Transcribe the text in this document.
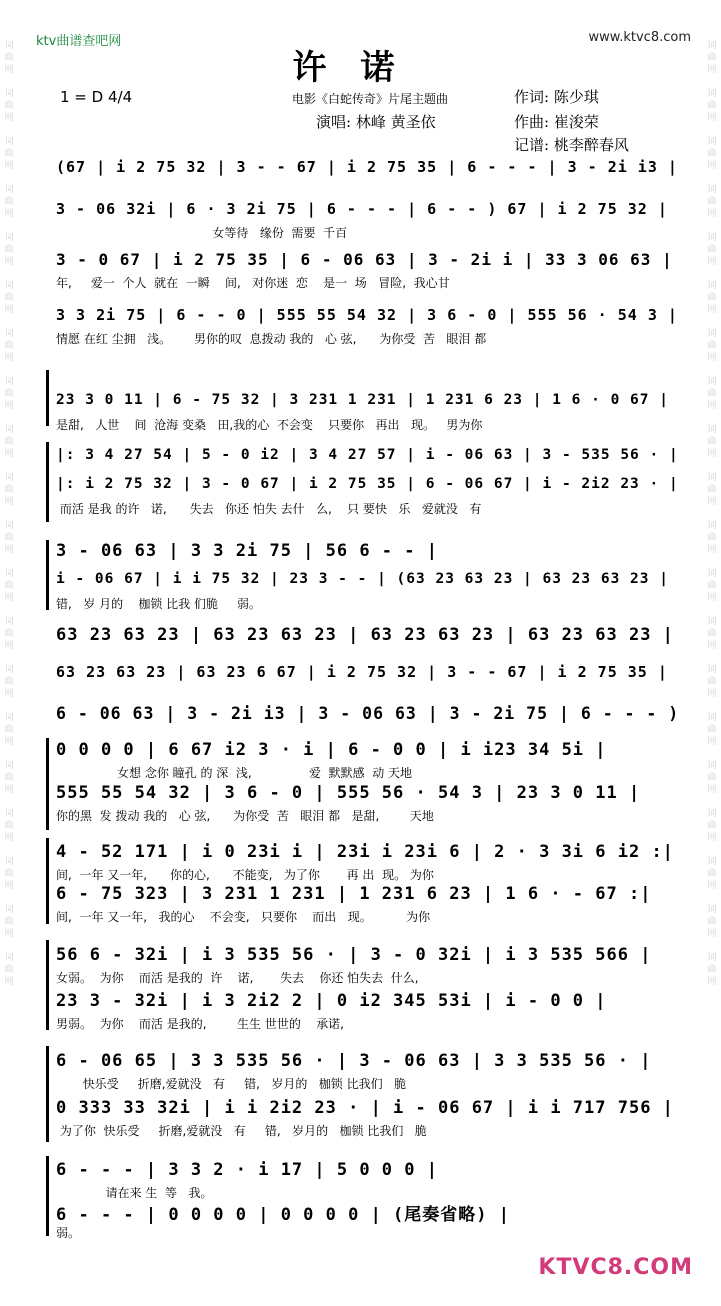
词曲网

词曲网

词曲网

词曲网

词曲网

词曲网

词曲网

词曲网

词曲网

词曲网

词曲网

词曲网

词曲网

词曲网

词曲网

词曲网

词曲网

词曲网

词曲网

词曲网
词曲网

词曲网

词曲网

词曲网

词曲网

词曲网

词曲网

词曲网

词曲网

词曲网

词曲网

词曲网

词曲网

词曲网

词曲网

词曲网

词曲网

词曲网

词曲网

词曲网
ktv曲谱查吧网	www.ktvc8.com
许诺
1 = D 4/4	电影《白蛇传奇》片尾主题曲	作词: 陈少琪
演唱: 林峰 黄圣依	作曲: 崔浚荣
记谱: 桃李醉春风
(67 | i 2 75 32 | 3 - - 67 | i 2 75 35 | 6 - - - | 3 - 2i i3 |
3 - 06 32i | 6 · 3 2i 75 | 6 - - - | 6 - - ) 67 | i 2 75 32 |
女等待   缘份  需要  千百
3 - 0 67 | i 2 75 35 | 6 - 06 63 | 3 - 2i i | 33 3 06 63 |
年,     爱一  个人  就在  一瞬    间,   对你迷  恋    是一  场   冒险,  我心甘
3 3 2i 75 | 6 - - 0 | 555 55 54 32 | 3 6 - 0 | 555 56 · 54 3 |
情愿 在红 尘拥   浅。      男你的叹  息拨动 我的   心 弦,      为你受  苦   眼泪 都
23 3 0 11 | 6 - 75 32 | 3 231 1 231 | 1 231 6 23 | 1 6 · 0 67 |
是甜,   人世    间  沧海 变桑   田,我的心  不会变    只要你   再出   现。   男为你
|: 3 4 27 54 | 5 - 0 i2 | 3 4 27 57 | i - 06 63 | 3 - 535 56 · |
|: i 2 75 32 | 3 - 0 67 | i 2 75 35 | 6 - 06 67 | i - 2i2 23 · |
而活 是我 的许   诺,      失去   你还 怕失 去什   么,    只 要快   乐   爱就没   有
3 - 06 63 | 3 3 2i 75 | 56 6 - - |
i - 06 67 | i i 75 32 | 23 3 - - | (63 23 63 23 | 63 23 63 23 |
错,   岁 月的    枷锁 比我 们脆     弱。
63 23 63 23 | 63 23 63 23 | 63 23 63 23 | 63 23 63 23 |
63 23 63 23 | 63 23 6 67 | i 2 75 32 | 3 - - 67 | i 2 75 35 |
6 - 06 63 | 3 - 2i i3 | 3 - 06 63 | 3 - 2i 75 | 6 - - - )
0 0 0 0 | 6 67 i2 3 · i | 6 - 0 0 | i i23 34 5i |
女想 念你 瞳孔 的 深  浅,               爱  默默感  动 天地
555 55 54 32 | 3 6 - 0 | 555 56 · 54 3 | 23 3 0 11 |
你的黑  发 拨动 我的   心 弦,      为你受  苦   眼泪 都   是甜,        天地
4 - 52 171 | i 0 23i i | 23i i 23i 6 | 2 · 3 3i 6 i2 :|
间,  一年 又一年,      你的心,      不能变,   为了你       再 出  现。 为你
6 - 75 323 | 3 231 1 231 | 1 231 6 23 | 1 6 · - 67 :|
间,  一年 又一年,   我的心    不会变,   只要你    而出   现。         为你
56 6 - 32i | i 3 535 56 · | 3 - 0 32i | i 3 535 566 |
女弱。  为你    而活 是我的  许    诺,       失去    你还 怕失去  什么,
23 3 - 32i | i 3 2i2 2 | 0 i2 345 53i | i - 0 0 |
男弱。  为你    而活 是我的,        生生 世世的    承诺,
6 - 06 65 | 3 3 535 56 · | 3 - 06 63 | 3 3 535 56 · |
快乐受     折磨,爱就没   有     错,   岁月的   枷锁 比我们   脆
0 333 33 32i | i i 2i2 23 · | i - 06 67 | i i 717 756 |
为了你  快乐受     折磨,爱就没   有     错,   岁月的   枷锁 比我们   脆
6 - - - | 3 3 2 · i 17 | 5 0 0 0 |
请在来 生  等   我。
6 - - - | 0 0 0 0 | 0 0 0 0 | (尾奏省略) |
弱。
KTVC8.COM
